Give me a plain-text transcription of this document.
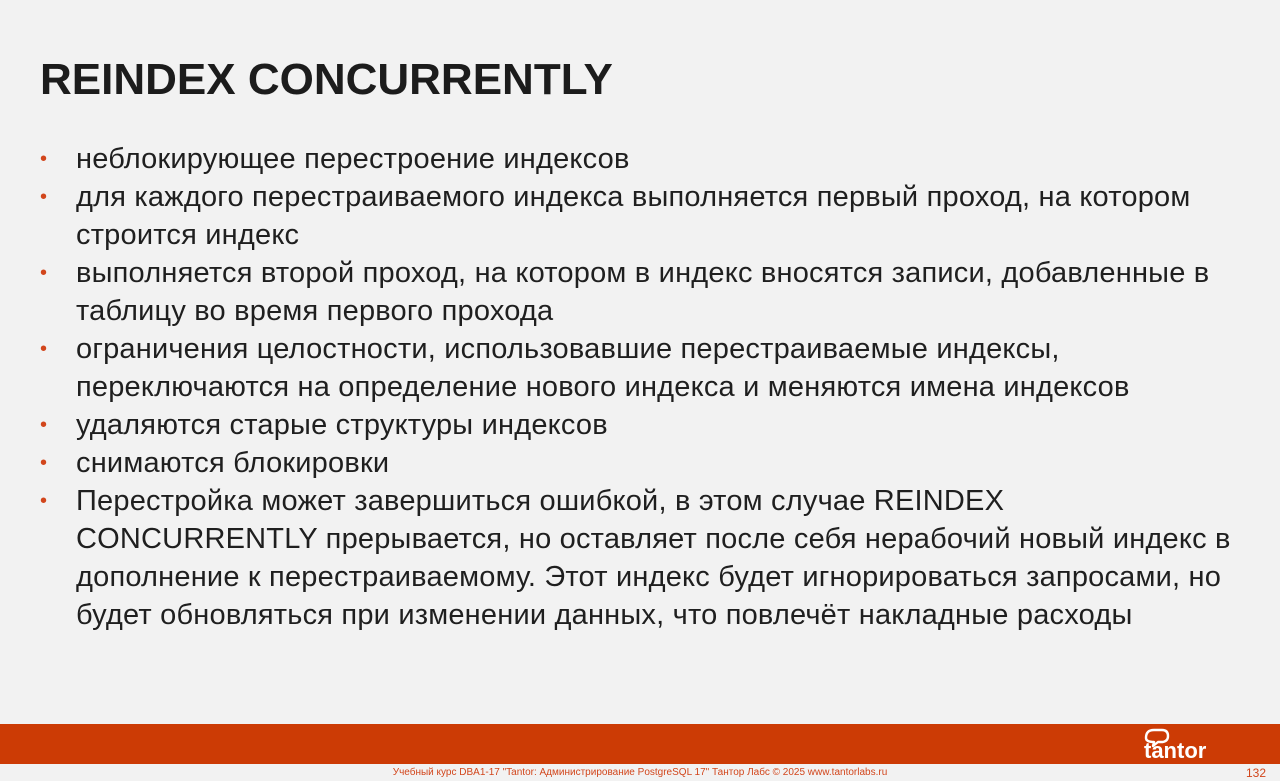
REINDEX CONCURRENTLY
• неблокирующее перестроение индексов
• для каждого перестраиваемого индекса выполняется первый проход, на котором строится индекс
• выполняется второй проход, на котором в индекс вносятся записи, добавленные в таблицу во время первого прохода
• ограничения целостности, использовавшие перестраиваемые индексы, переключаются на определение нового индекса и меняются имена индексов
• удаляются старые структуры индексов
• снимаются блокировки
• Перестройка может завершиться ошибкой, в этом случае REINDEX CONCURRENTLY прерывается, но оставляет после себя нерабочий новый индекс в дополнение к перестраиваемому. Этот индекс будет игнорироваться запросами, но будет обновляться при изменении данных, что повлечёт накладные расходы
tantor
Учебный курс DBA1-17 "Tantor: Администрирование PostgreSQL 17" Тантор Лабс © 2025 www.tantorlabs.ru	132
